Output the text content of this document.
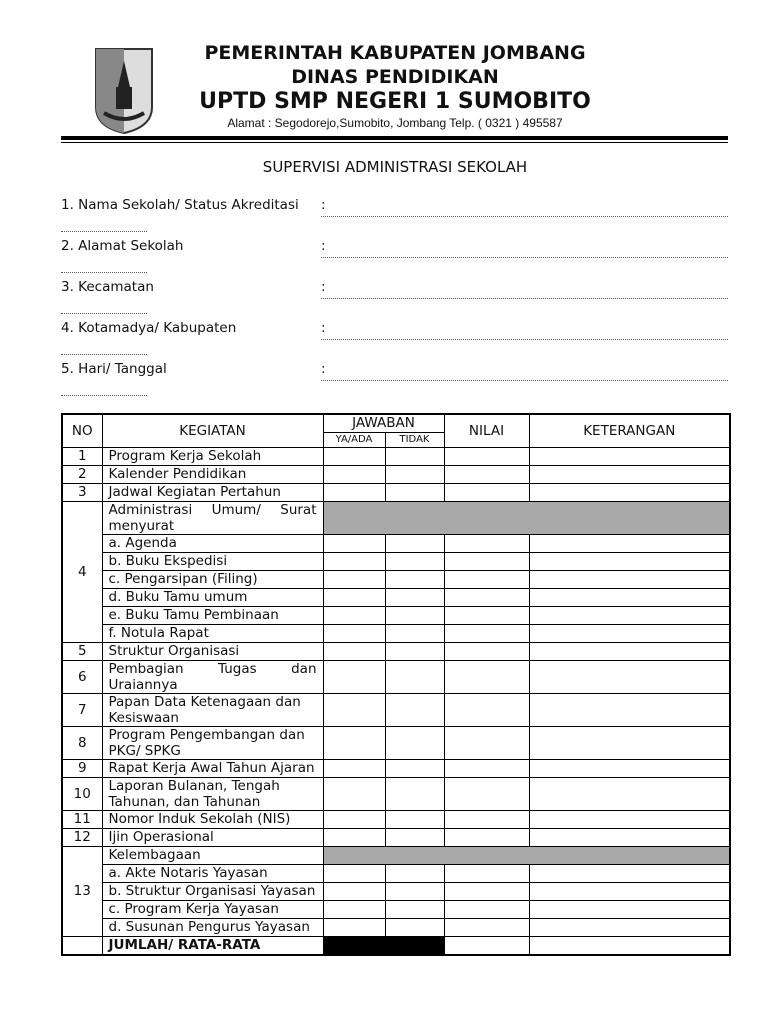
PEMERINTAH KABUPATEN JOMBANG
DINAS PENDIDIKAN
UPTD SMP NEGERI 1 SUMOBITO
Alamat : Segodorejo,Sumobito, Jombang Telp. ( 0321 ) 495587
SUPERVISI ADMINISTRASI SEKOLAH
1. Nama Sekolah/ Status Akreditasi :
2. Alamat Sekolah	:
3. Kecamatan	:
4. Kotamadya/ Kabupaten	:
5. Hari/ Tanggal	:
NO	KEGIATAN	JAWABAN		NILAI	KETERANGAN
		YA/ADA	TIDAK		
1	Program Kerja Sekolah				
2	Kalender Pendidikan				
3	Jadwal Kegiatan Pertahun				
4	Administrasi Umum/ Surat menyurat				
	a. Agenda				
	b. Buku Ekspedisi				
	c. Pengarsipan (Filing)				
	d. Buku Tamu umum				
	e. Buku Tamu Pembinaan				
	f. Notula Rapat				
5	Struktur Organisasi				
6	Pembagian Tugas dan Uraiannya				
7	Papan Data Ketenagaan dan Kesiswaan				
8	Program Pengembangan dan PKG/ SPKG				
9	Rapat Kerja Awal Tahun Ajaran				
10	Laporan Bulanan, Tengah Tahunan, dan Tahunan				
11	Nomor Induk Sekolah (NIS)				
12	Ijin Operasional				
13	Kelembagaan				
	a. Akte Notaris Yayasan				
	b. Struktur Organisasi Yayasan				
	c. Program Kerja Yayasan				
	d. Susunan Pengurus Yayasan				
	JUMLAH/ RATA-RATA				
